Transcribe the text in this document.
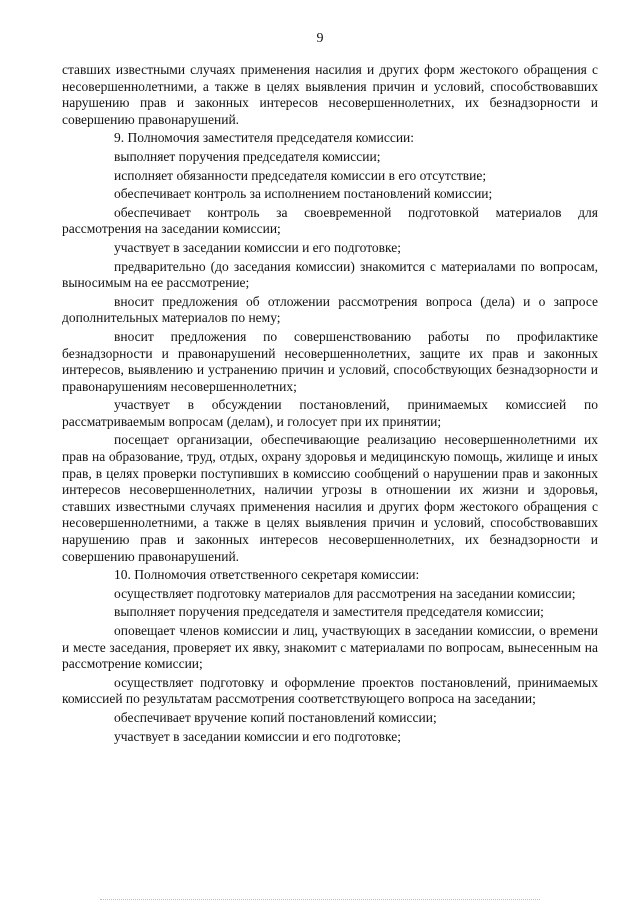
9

ставших известными случаях применения насилия и других форм жестокого обращения с несовершеннолетними, а также в целях выявления причин и условий, способствовавших нарушению прав и законных интересов несовершеннолетних, их безнадзорности и совершению правонарушений.

9. Полномочия заместителя председателя комиссии:

выполняет поручения председателя комиссии;

исполняет обязанности председателя комиссии в его отсутствие;

обеспечивает контроль за исполнением постановлений комиссии;

обеспечивает контроль за своевременной подготовкой материалов для рассмотрения на заседании комиссии;

участвует в заседании комиссии и его подготовке;

предварительно (до заседания комиссии) знакомится с материалами по вопросам, выносимым на ее рассмотрение;

вносит предложения об отложении рассмотрения вопроса (дела) и о запросе дополнительных материалов по нему;

вносит предложения по совершенствованию работы по профилактике безнадзорности и правонарушений несовершеннолетних, защите их прав и законных интересов, выявлению и устранению причин и условий, способствующих безнадзорности и правонарушениям несовершеннолетних;

участвует в обсуждении постановлений, принимаемых комиссией по рассматриваемым вопросам (делам), и голосует при их принятии;

посещает организации, обеспечивающие реализацию несовершеннолетними их прав на образование, труд, отдых, охрану здоровья и медицинскую помощь, жилище и иных прав, в целях проверки поступивших в комиссию сообщений о нарушении прав и законных интересов несовершеннолетних, наличии угрозы в отношении их жизни и здоровья, ставших известными случаях применения насилия и других форм жестокого обращения с несовершеннолетними, а также в целях выявления причин и условий, способствовавших нарушению прав и законных интересов несовершеннолетних, их безнадзорности и совершению правонарушений.

10. Полномочия ответственного секретаря комиссии:

осуществляет подготовку материалов для рассмотрения на заседании комиссии;

выполняет поручения председателя и заместителя председателя комиссии;

оповещает членов комиссии и лиц, участвующих в заседании комиссии, о времени и месте заседания, проверяет их явку, знакомит с материалами по вопросам, вынесенным на рассмотрение комиссии;

осуществляет подготовку и оформление проектов постановлений, принимаемых комиссией по результатам рассмотрения соответствующего вопроса на заседании;

обеспечивает вручение копий постановлений комиссии;

участвует в заседании комиссии и его подготовке;
